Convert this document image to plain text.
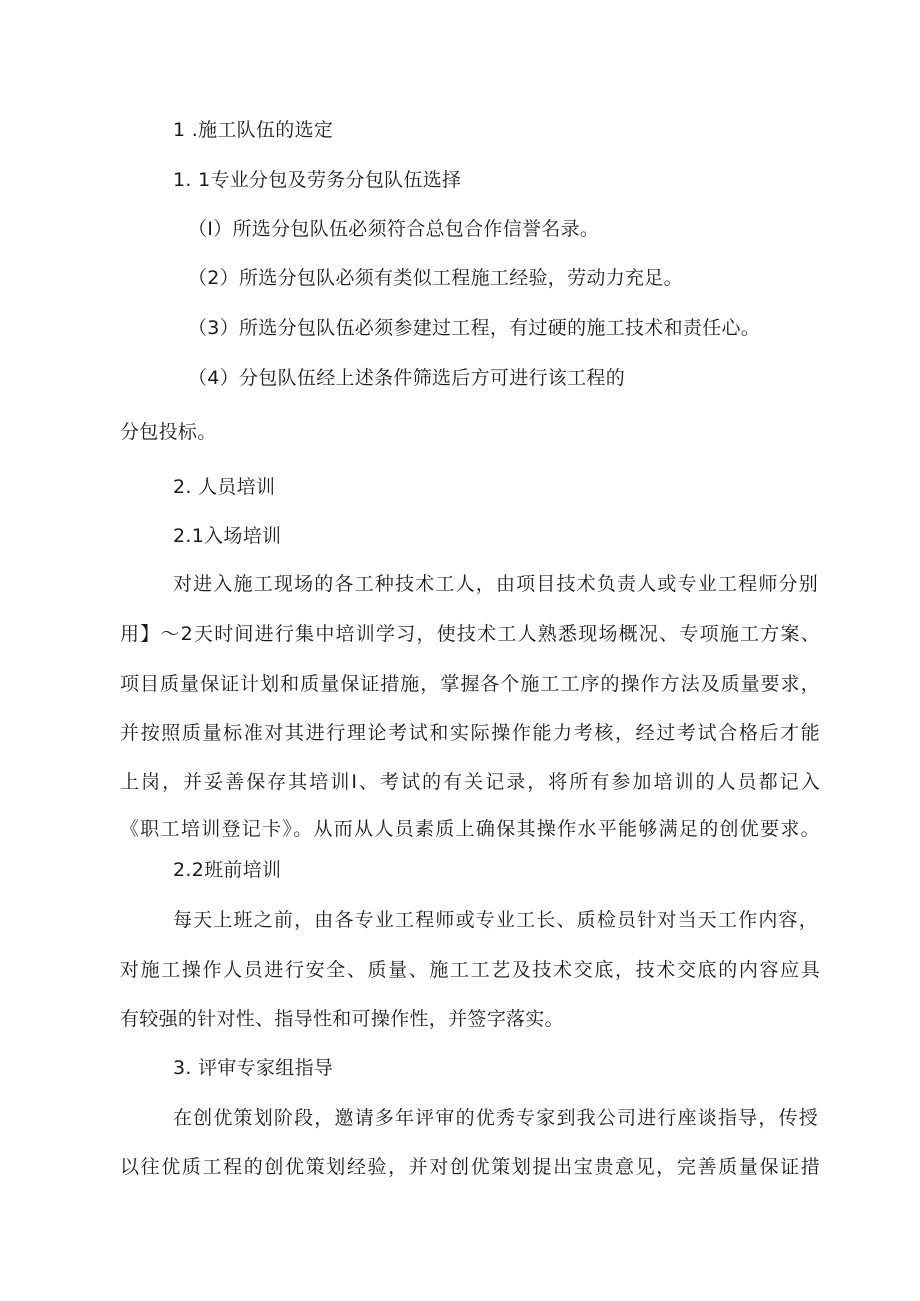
1 .施工队伍的选定
1. 1专业分包及劳务分包队伍选择
（I）所选分包队伍必须符合总包合作信誉名录。
（2）所选分包队必须有类似工程施工经验，劳动力充足。
（3）所选分包队伍必须参建过工程，有过硬的施工技术和责任心。
（4）分包队伍经上述条件筛选后方可进行该工程的
分包投标。
2. 人员培训
2.1入场培训
对进入施工现场的各工种技术工人，由项目技术负责人或专业工程师分别
用】～2天时间进行集中培训学习，使技术工人熟悉现场概况、专项施工方案、
项目质量保证计划和质量保证措施，掌握各个施工工序的操作方法及质量要求，
并按照质量标准对其进行理论考试和实际操作能力考核，经过考试合格后才能
上岗，并妥善保存其培训I、考试的有关记录，将所有参加培训的人员都记入
《职工培训登记卡》。从而从人员素质上确保其操作水平能够满足的创优要求。
2.2班前培训
每天上班之前，由各专业工程师或专业工长、质检员针对当天工作内容，
对施工操作人员进行安全、质量、施工工艺及技术交底，技术交底的内容应具
有较强的针对性、指导性和可操作性，并签字落实。
3. 评审专家组指导
在创优策划阶段，邀请多年评审的优秀专家到我公司进行座谈指导，传授
以往优质工程的创优策划经验，并对创优策划提出宝贵意见，完善质量保证措
